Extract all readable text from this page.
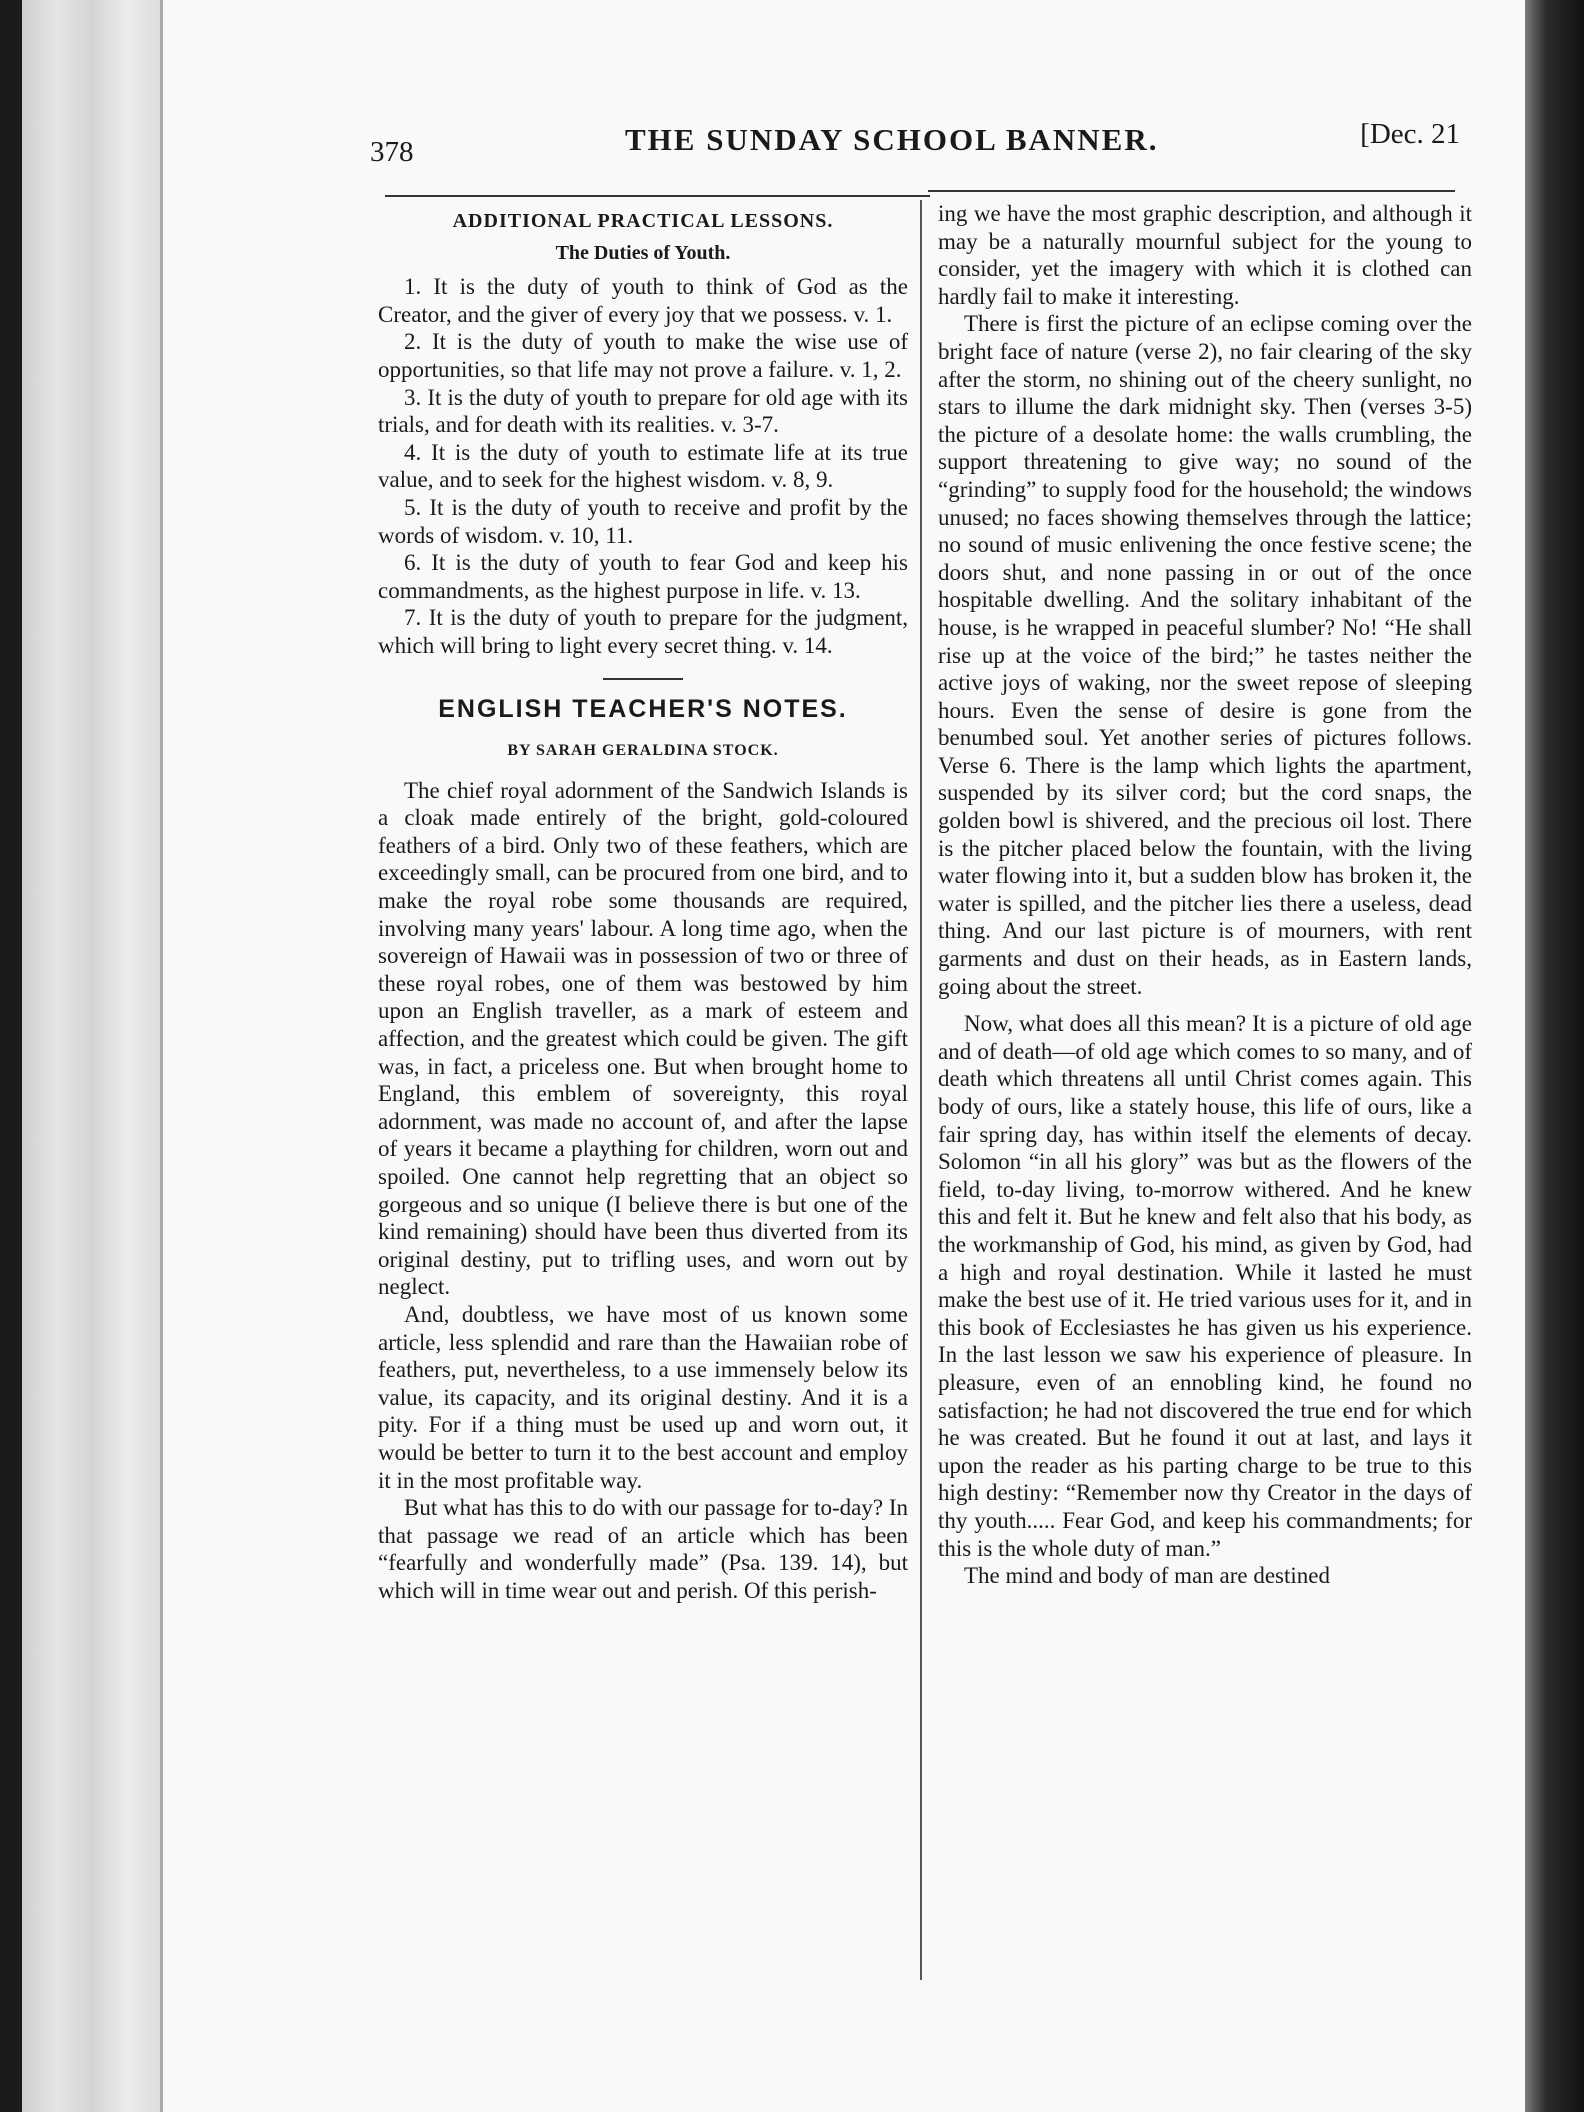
378	THE SUNDAY SCHOOL BANNER.	[Dec. 21
ADDITIONAL PRACTICAL LESSONS.
The Duties of Youth.

1. It is the duty of youth to think of God as the Creator, and the giver of every joy that we possess. v. 1.

2. It is the duty of youth to make the wise use of opportunities, so that life may not prove a failure. v. 1, 2.

3. It is the duty of youth to prepare for old age with its trials, and for death with its realities. v. 3-7.

4. It is the duty of youth to estimate life at its true value, and to seek for the highest wisdom. v. 8, 9.

5. It is the duty of youth to receive and profit by the words of wisdom. v. 10, 11.

6. It is the duty of youth to fear God and keep his commandments, as the highest purpose in life. v. 13.

7. It is the duty of youth to prepare for the judgment, which will bring to light every secret thing. v. 14.

ENGLISH TEACHER'S NOTES.
BY SARAH GERALDINA STOCK.

The chief royal adornment of the Sandwich Islands is a cloak made entirely of the bright, gold-coloured feathers of a bird. Only two of these feathers, which are exceedingly small, can be procured from one bird, and to make the royal robe some thousands are required, involving many years' labour. A long time ago, when the sovereign of Hawaii was in possession of two or three of these royal robes, one of them was bestowed by him upon an English traveller, as a mark of esteem and affection, and the greatest which could be given. The gift was, in fact, a priceless one. But when brought home to England, this emblem of sovereignty, this royal adornment, was made no account of, and after the lapse of years it became a plaything for children, worn out and spoiled. One cannot help regretting that an object so gorgeous and so unique (I believe there is but one of the kind remaining) should have been thus diverted from its original destiny, put to trifling uses, and worn out by neglect.

And, doubtless, we have most of us known some article, less splendid and rare than the Hawaiian robe of feathers, put, nevertheless, to a use immensely below its value, its capacity, and its original destiny. And it is a pity. For if a thing must be used up and worn out, it would be better to turn it to the best account and employ it in the most profitable way.

But what has this to do with our passage for to-day? In that passage we read of an article which has been “fearfully and wonderfully made” (Psa. 139. 14), but which will in time wear out and perish. Of this perish-

ing we have the most graphic description, and although it may be a naturally mournful subject for the young to consider, yet the imagery with which it is clothed can hardly fail to make it interesting.

There is first the picture of an eclipse coming over the bright face of nature (verse 2), no fair clearing of the sky after the storm, no shining out of the cheery sunlight, no stars to illume the dark midnight sky. Then (verses 3-5) the picture of a desolate home: the walls crumbling, the support threatening to give way; no sound of the “grinding” to supply food for the household; the windows unused; no faces showing themselves through the lattice; no sound of music enlivening the once festive scene; the doors shut, and none passing in or out of the once hospitable dwelling. And the solitary inhabitant of the house, is he wrapped in peaceful slumber? No! “He shall rise up at the voice of the bird;” he tastes neither the active joys of waking, nor the sweet repose of sleeping hours. Even the sense of desire is gone from the benumbed soul. Yet another series of pictures follows. Verse 6. There is the lamp which lights the apartment, suspended by its silver cord; but the cord snaps, the golden bowl is shivered, and the precious oil lost. There is the pitcher placed below the fountain, with the living water flowing into it, but a sudden blow has broken it, the water is spilled, and the pitcher lies there a useless, dead thing. And our last picture is of mourners, with rent garments and dust on their heads, as in Eastern lands, going about the street.

Now, what does all this mean? It is a picture of old age and of death—of old age which comes to so many, and of death which threatens all until Christ comes again. This body of ours, like a stately house, this life of ours, like a fair spring day, has within itself the elements of decay. Solomon “in all his glory” was but as the flowers of the field, to-day living, to-morrow withered. And he knew this and felt it. But he knew and felt also that his body, as the workmanship of God, his mind, as given by God, had a high and royal destination. While it lasted he must make the best use of it. He tried various uses for it, and in this book of Ecclesiastes he has given us his experience. In the last lesson we saw his experience of pleasure. In pleasure, even of an ennobling kind, he found no satisfaction; he had not discovered the true end for which he was created. But he found it out at last, and lays it upon the reader as his parting charge to be true to this high destiny: “Remember now thy Creator in the days of thy youth..... Fear God, and keep his commandments; for this is the whole duty of man.”

The mind and body of man are destined
